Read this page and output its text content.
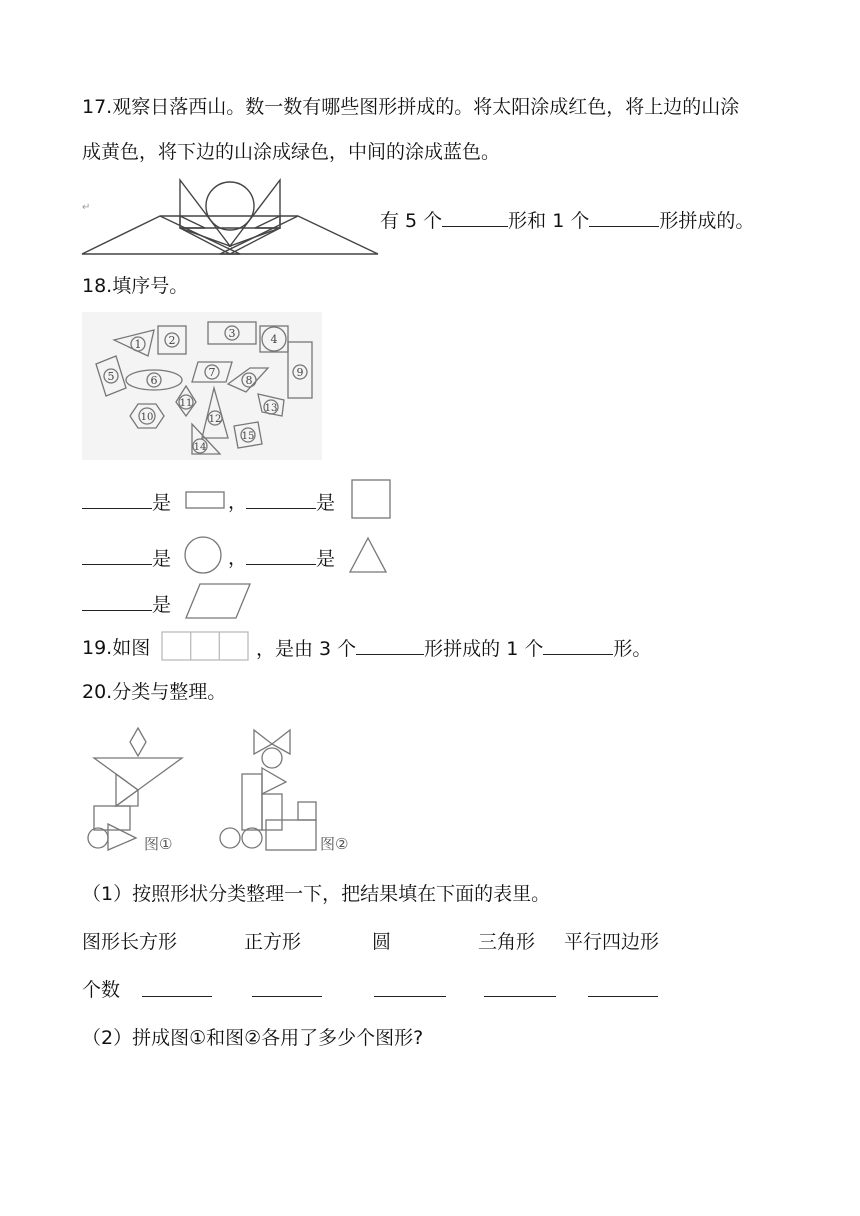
17.观察日落西山。数一数有哪些图形拼成的。将太阳涂成红色，将上边的山涂
成黄色，将下边的山涂成绿色，中间的涂成蓝色。
↵
有 5 个	形和 1 个	形拼成的。
18.填序号。
1 2
3	4
5	6
7
8
9
10
11
12
13
14
15
是	，	是
是	，	是
是
19.如图	，是由 3 个	形拼成的 1 个	形。
20.分类与整理。
图①	图②
（1）按照形状分类整理一下，把结果填在下面的表里。
图形 长方形	正方形	圆	三角形 平行四边形
个数
（2）拼成图①和图②各用了多少个图形?
